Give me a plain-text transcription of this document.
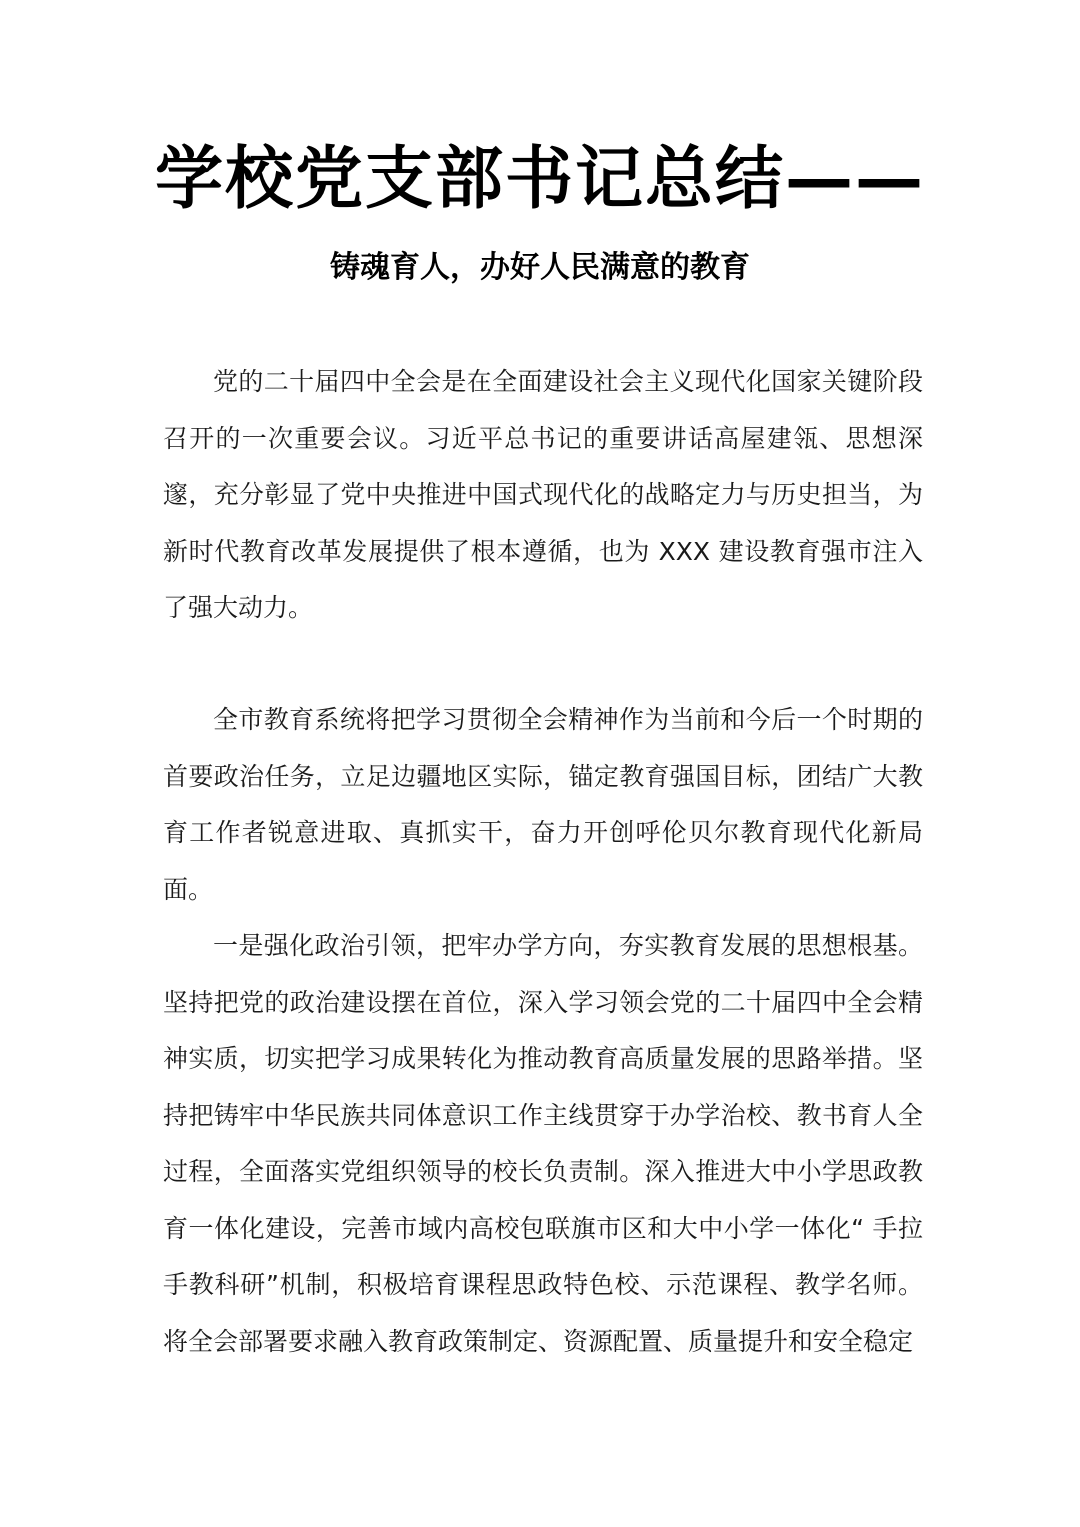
学校党支部书记总结——
铸魂育人，办好人民满意的教育

党的二十届四中全会是在全面建设社会主义现代化国家关键阶段召开的一次重要会议。习近平总书记的重要讲话高屋建瓴、思想深邃，充分彰显了党中央推进中国式现代化的战略定力与历史担当，为新时代教育改革发展提供了根本遵循，也为 XXX 建设教育强市注入了强大动力。

全市教育系统将把学习贯彻全会精神作为当前和今后一个时期的首要政治任务，立足边疆地区实际，锚定教育强国目标，团结广大教育工作者锐意进取、真抓实干，奋力开创呼伦贝尔教育现代化新局面。

一是强化政治引领，把牢办学方向，夯实教育发展的思想根基。坚持把党的政治建设摆在首位，深入学习领会党的二十届四中全会精神实质，切实把学习成果转化为推动教育高质量发展的思路举措。坚持把铸牢中华民族共同体意识工作主线贯穿于办学治校、教书育人全过程，全面落实党组织领导的校长负责制。深入推进大中小学思政教育一体化建设，完善市域内高校包联旗市区和大中小学一体化“ 手拉手教科研”机制，积极培育课程思政特色校、示范课程、教学名师。将全会部署要求融入教育政策制定、资源配置、质量提升和安全稳定
